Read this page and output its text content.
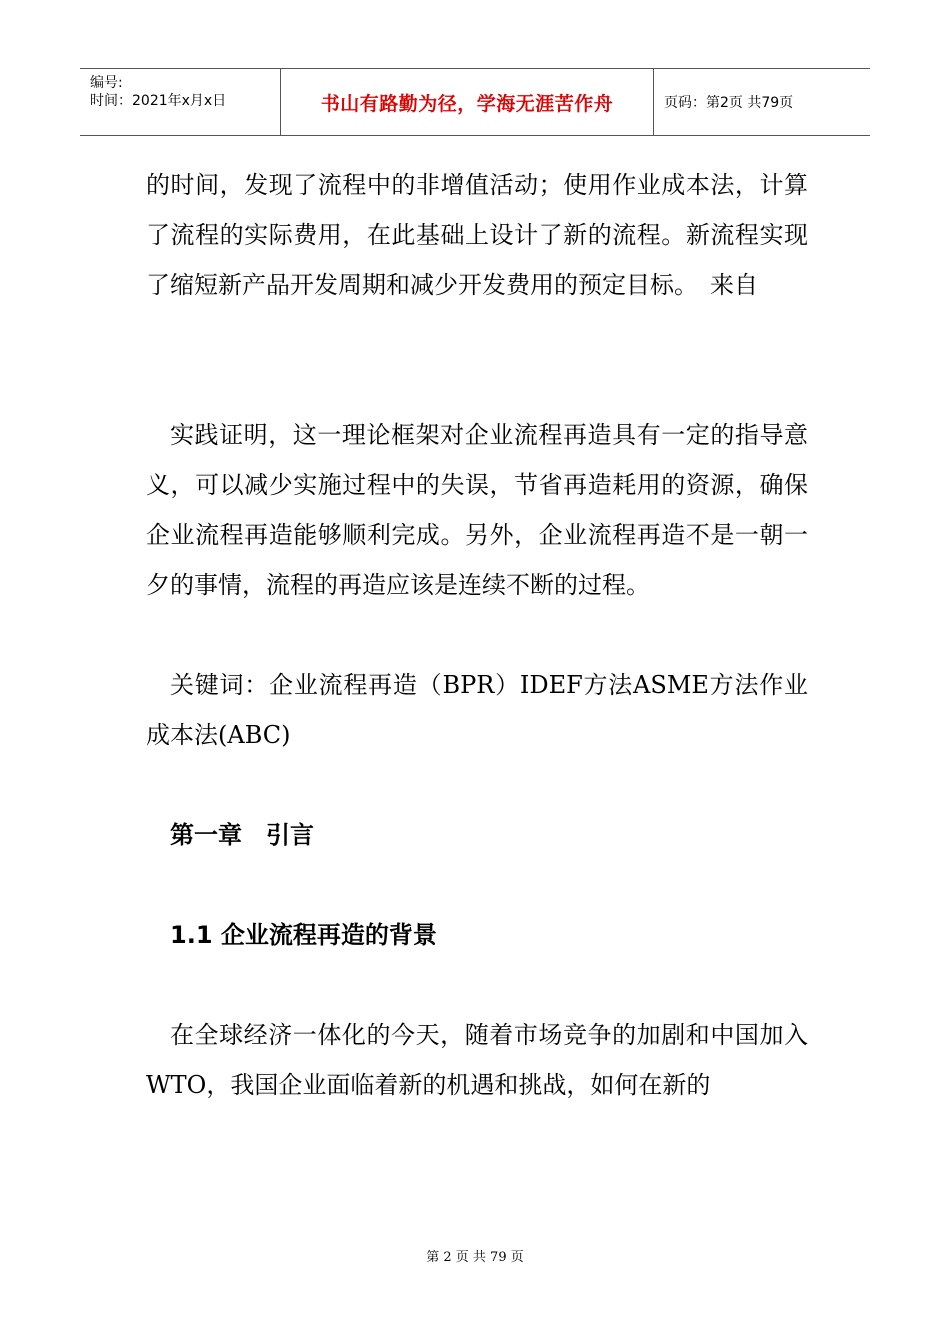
编号:
时间：2021年x月x日	书山有路勤为径，学海无涯苦作舟	页码：第2页 共79页

的时间，发现了流程中的非增值活动；使用作业成本法，计算了流程的实际费用，在此基础上设计了新的流程。新流程实现了缩短新产品开发周期和减少开发费用的预定目标。　来自

实践证明，这一理论框架对企业流程再造具有一定的指导意义，可以减少实施过程中的失误，节省再造耗用的资源，确保企业流程再造能够顺利完成。另外，企业流程再造不是一朝一夕的事情，流程的再造应该是连续不断的过程。

关键词：企业流程再造（BPR）IDEF方法ASME方法作业成本法(ABC)

第一章　引言

1.1 企业流程再造的背景

在全球经济一体化的今天，随着市场竞争的加剧和中国加入WTO，我国企业面临着新的机遇和挑战，如何在新的

第 2 页 共 79 页
